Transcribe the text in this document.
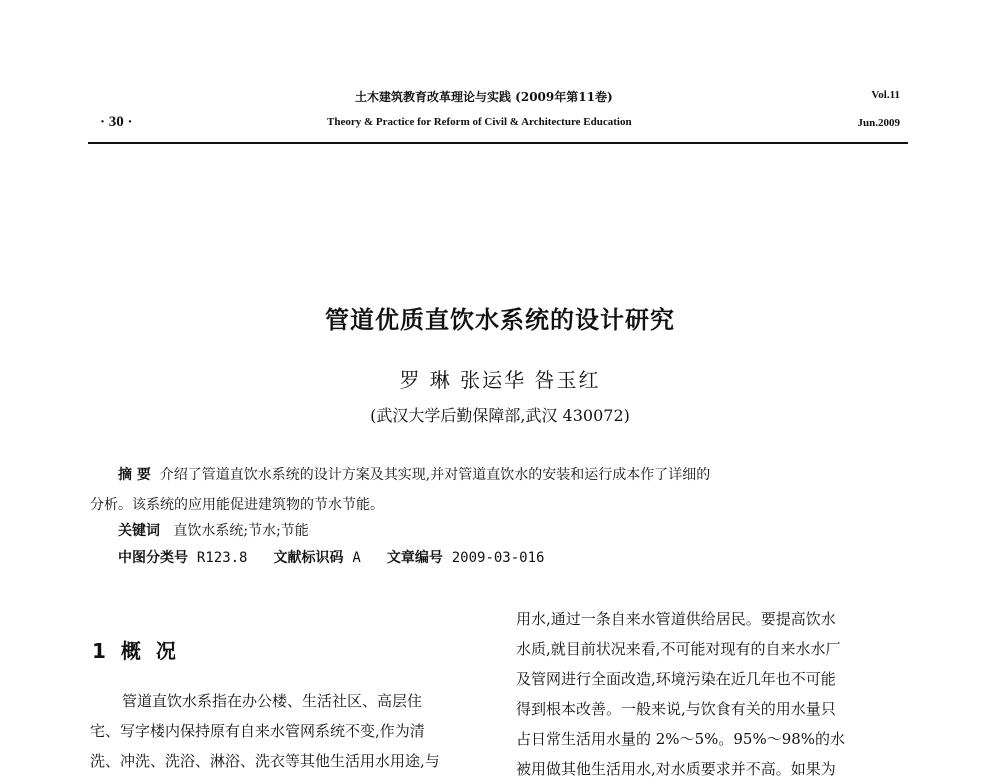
土木建筑教育改革理论与实践 (2009年第11卷)
Theory & Practice for Reform of Civil & Architecture Education
· 30 ·
Vol.11
Jun.2009
管道优质直饮水系统的设计研究
罗 琳 张运华 咎玉红
(武汉大学后勤保障部,武汉 430072)
摘 要 介绍了管道直饮水系统的设计方案及其实现,并对管道直饮水的安装和运行成本作了详细的
分析。该系统的应用能促进建筑物的节水节能。
关键词 直饮水系统;节水;节能
中图分类号 R123.8 文献标识码 A 文章编号 2009-03-016
1 概 况
管道直饮水系指在办公楼、生活社区、高层住
宅、写字楼内保持原有自来水管网系统不变,作为清
洗、冲洗、洗浴、淋浴、洗衣等其他生活用水用途,与
用水,通过一条自来水管道供给居民。要提高饮水
水质,就目前状况来看,不可能对现有的自来水水厂
及管网进行全面改造,环境污染在近几年也不可能
得到根本改善。一般来说,与饮食有关的用水量只
占日常生活用水量的 2%～5%。95%～98%的水
被用做其他生活用水,对水质要求并不高。如果为
